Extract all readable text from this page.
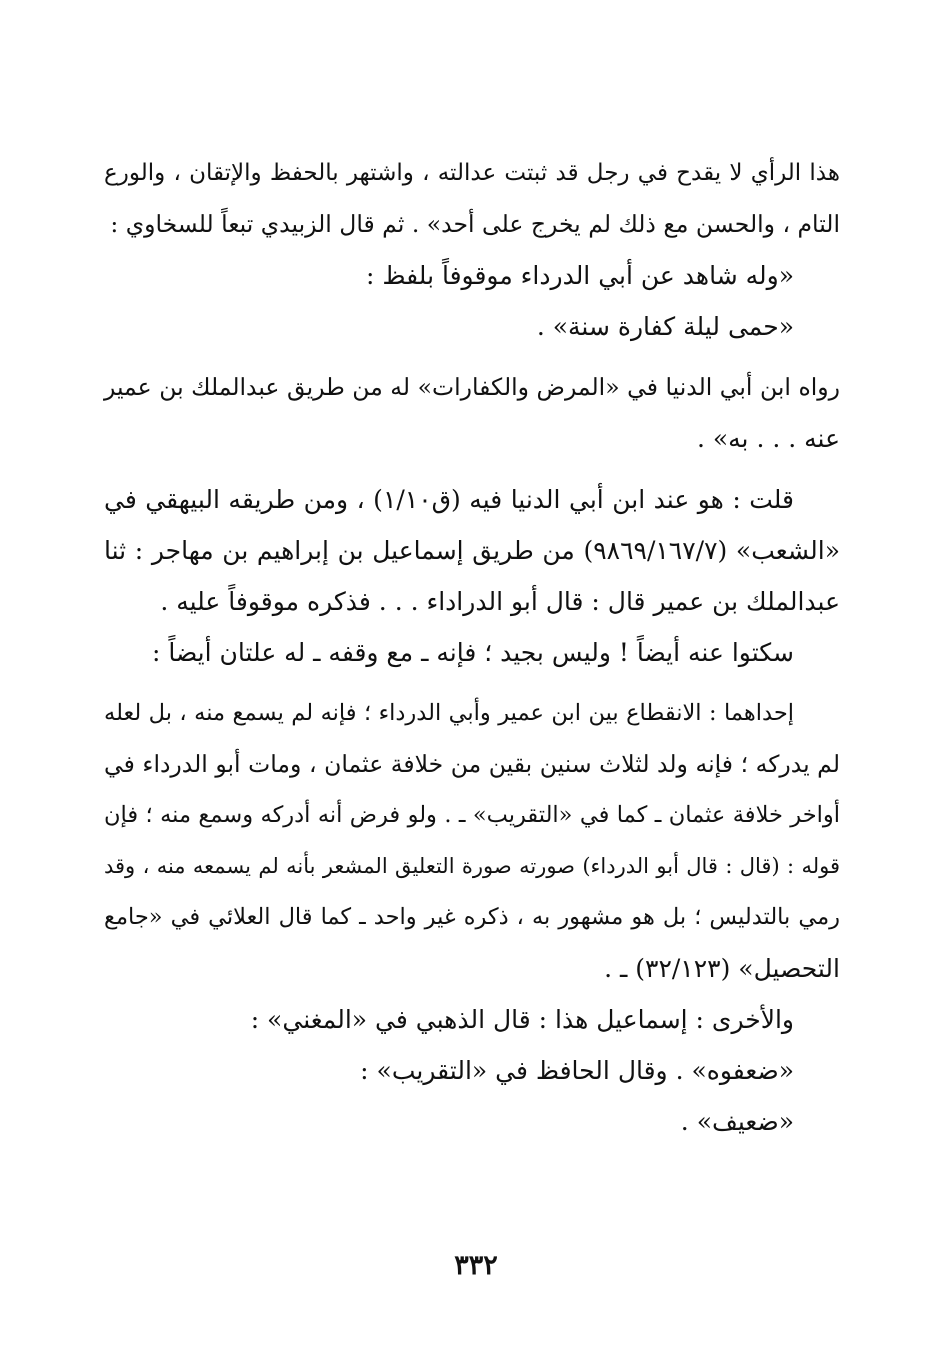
هذا الرأي لا يقدح في رجل قد ثبتت عدالته ، واشتهر بالحفظ والإتقان ، والورع
التام ، والحسن مع ذلك لم يخرج على أحد» . ثم قال الزبيدي تبعاً للسخاوي :
«وله شاهد عن أبي الدرداء موقوفاً بلفظ :
«حمى ليلة كفارة سنة» .
رواه ابن أبي الدنيا في «المرض والكفارات» له من طريق عبدالملك بن عمير
عنه . . . به» .
قلت : هو عند ابن أبي الدنيا فيه (ق١/١٠) ، ومن طريقه البيهقي في
«الشعب» (٩٨٦٩/١٦٧/٧) من طريق إسماعيل بن إبراهيم بن مهاجر : ثنا
عبدالملك بن عمير قال : قال أبو الدراداء . . . فذكره موقوفاً عليه .
سكتوا عنه أيضاً ! وليس بجيد ؛ فإنه ـ مع وقفه ـ له علتان أيضاً :
إحداهما : الانقطاع بين ابن عمير وأبي الدرداء ؛ فإنه لم يسمع منه ، بل لعله
لم يدركه ؛ فإنه ولد لثلاث سنين بقين من خلافة عثمان ، ومات أبو الدرداء في
أواخر خلافة عثمان ـ كما في «التقريب» ـ . ولو فرض أنه أدركه وسمع منه ؛ فإن
قوله : (قال : قال أبو الدرداء) صورته صورة التعليق المشعر بأنه لم يسمعه منه ، وقد
رمي بالتدليس ؛ بل هو مشهور به ، ذكره غير واحد ـ كما قال العلائي في «جامع
التحصيل» (٣٢/١٢٣) ـ .
والأخرى : إسماعيل هذا : قال الذهبي في «المغني» :
«ضعفوه» . وقال الحافظ في «التقريب» :
«ضعيف» .
٣٣٢
